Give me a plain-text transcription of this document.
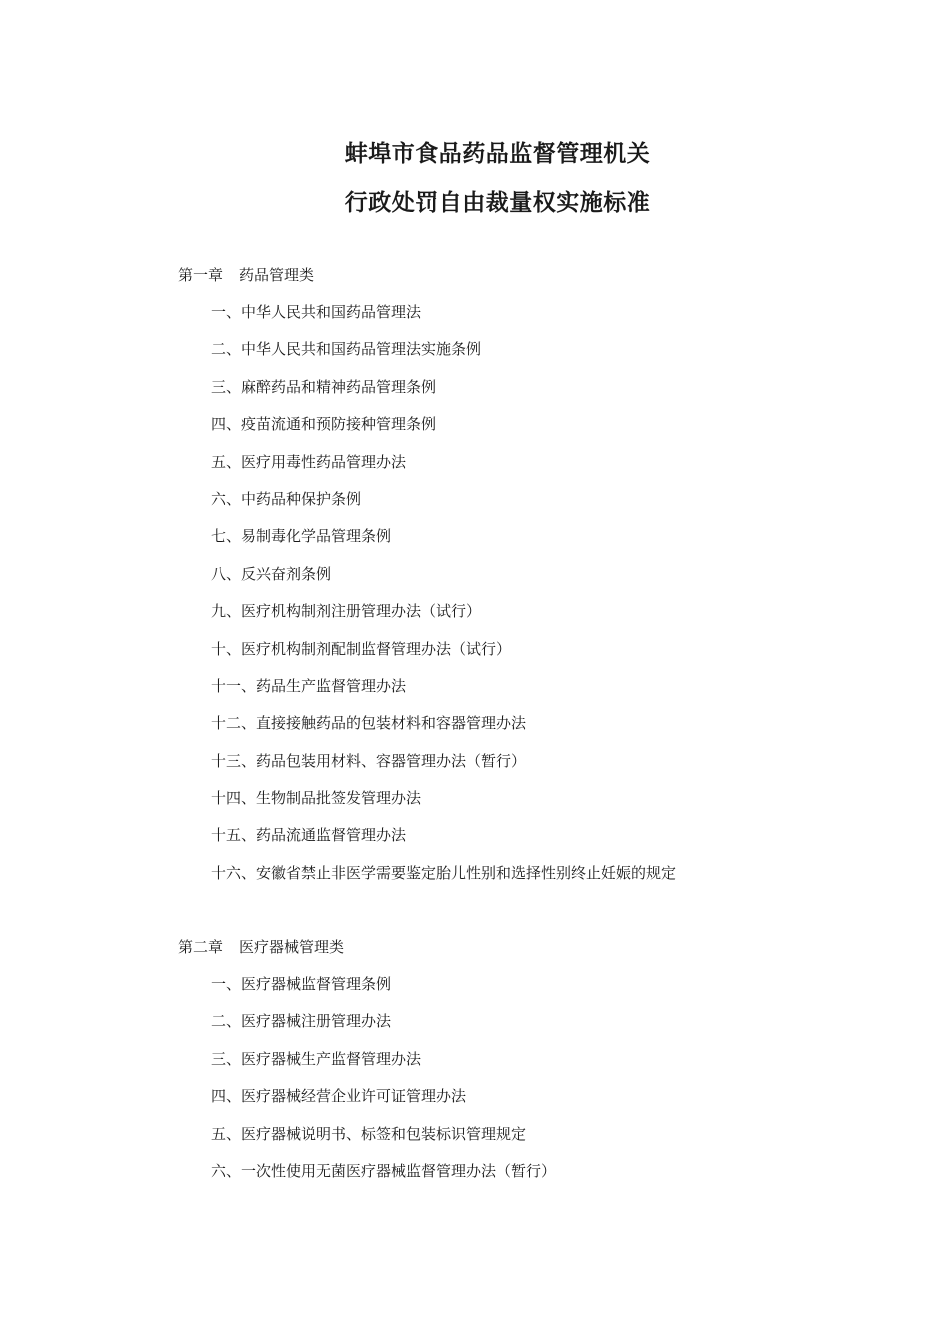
蚌埠市食品药品监督管理机关
行政处罚自由裁量权实施标准
第一章 药品管理类
一、中华人民共和国药品管理法
二、中华人民共和国药品管理法实施条例
三、麻醉药品和精神药品管理条例
四、疫苗流通和预防接种管理条例
五、医疗用毒性药品管理办法
六、中药品种保护条例
七、易制毒化学品管理条例
八、反兴奋剂条例
九、医疗机构制剂注册管理办法（试行）
十、医疗机构制剂配制监督管理办法（试行）
十一、药品生产监督管理办法
十二、直接接触药品的包装材料和容器管理办法
十三、药品包装用材料、容器管理办法（暂行）
十四、生物制品批签发管理办法
十五、药品流通监督管理办法
十六、安徽省禁止非医学需要鉴定胎儿性别和选择性别终止妊娠的规定
第二章 医疗器械管理类
一、医疗器械监督管理条例
二、医疗器械注册管理办法
三、医疗器械生产监督管理办法
四、医疗器械经营企业许可证管理办法
五、医疗器械说明书、标签和包装标识管理规定
六、一次性使用无菌医疗器械监督管理办法（暂行）
